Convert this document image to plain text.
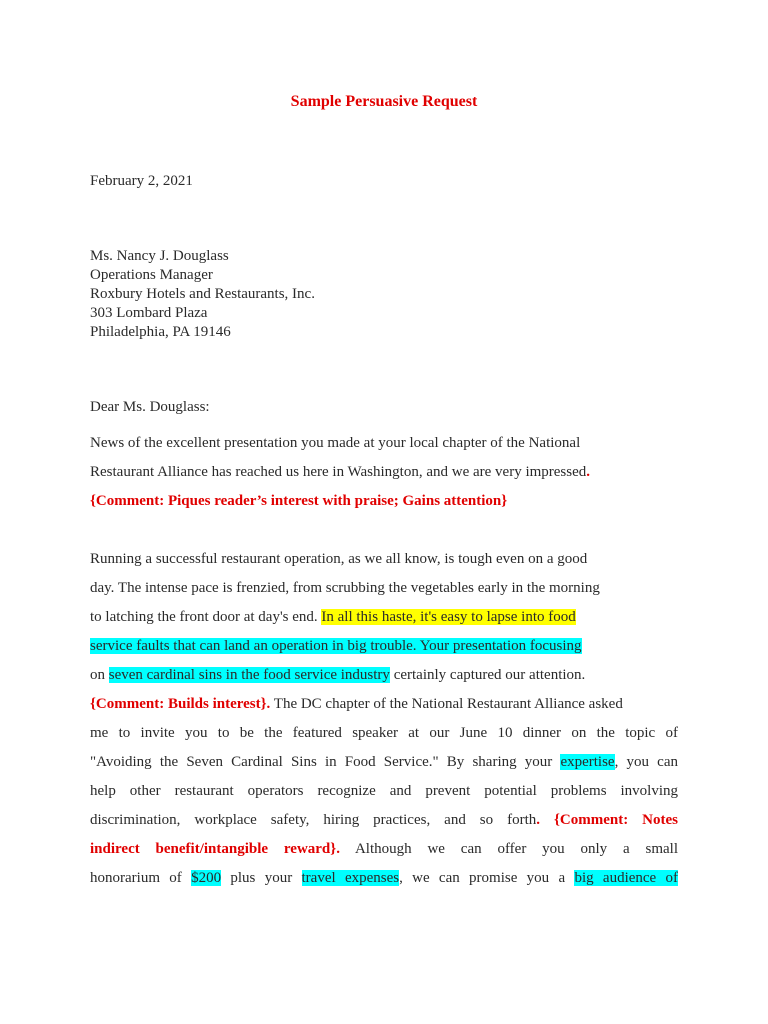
Sample Persuasive Request
February 2, 2021
Ms. Nancy J. Douglass
Operations Manager
Roxbury Hotels and Restaurants, Inc.
303 Lombard Plaza
Philadelphia, PA 19146
Dear Ms. Douglass:
News of the excellent presentation you made at your local chapter of the National
Restaurant Alliance has reached us here in Washington, and we are very impressed.
{Comment: Piques reader’s interest with praise; Gains attention}
Running a successful restaurant operation, as we all know, is tough even on a good
day. The intense pace is frenzied, from scrubbing the vegetables early in the morning
to latching the front door at day's end. In all this haste, it's easy to lapse into food
service faults that can land an operation in big trouble. Your presentation focusing
on seven cardinal sins in the food service industry certainly captured our attention.
{Comment: Builds interest}. The DC chapter of the National Restaurant Alliance asked
me to invite you to be the featured speaker at our June 10 dinner on the topic of
"Avoiding the Seven Cardinal Sins in Food Service." By sharing your expertise, you can
help other restaurant operators recognize and prevent potential problems involving
discrimination, workplace safety, hiring practices, and so forth. {Comment: Notes
indirect benefit/intangible reward}. Although we can offer you only a small
honorarium of $200 plus your travel expenses, we can promise you a big audience of
